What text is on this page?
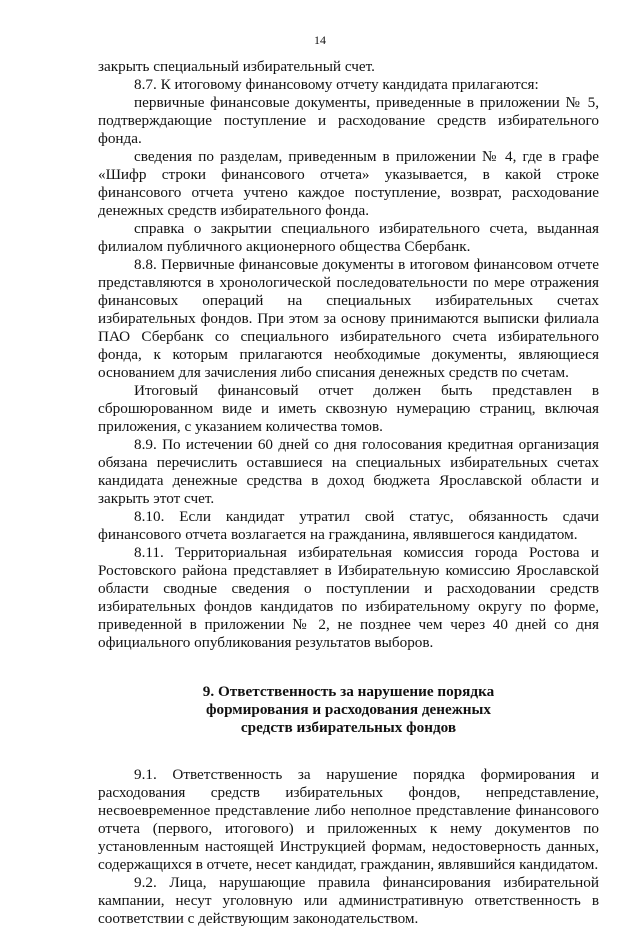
14

закрыть специальный избирательный счет.

8.7. К итоговому финансовому отчету кандидата прилагаются:

первичные финансовые документы, приведенные в приложении № 5, подтверждающие поступление и расходование средств избирательного фонда.

сведения по разделам, приведенным в приложении № 4, где в графе «Шифр строки финансового отчета» указывается, в какой строке финансового отчета учтено каждое поступление, возврат, расходование денежных средств избирательного фонда.

справка о закрытии специального избирательного счета, выданная филиалом публичного акционерного общества Сбербанк.

8.8. Первичные финансовые документы в итоговом финансовом отчете представляются в хронологической последовательности по мере отражения финансовых операций на специальных избирательных счетах избирательных фондов. При этом за основу принимаются выписки филиала ПАО Сбербанк со специального избирательного счета избирательного фонда, к которым прилагаются необходимые документы, являющиеся основанием для зачисления либо списания денежных средств по счетам.

Итоговый финансовый отчет должен быть представлен в сброшюрованном виде и иметь сквозную нумерацию страниц, включая приложения, с указанием количества томов.

8.9. По истечении 60 дней со дня голосования кредитная организация обязана перечислить оставшиеся на специальных избирательных счетах кандидата денежные средства в доход бюджета Ярославской области и закрыть этот счет.

8.10. Если кандидат утратил свой статус, обязанность сдачи финансового отчета возлагается на гражданина, являвшегося кандидатом.

8.11. Территориальная избирательная комиссия города Ростова и Ростовского района представляет в Избирательную комиссию Ярославской области сводные сведения о поступлении и расходовании средств избирательных фондов кандидатов по избирательному округу по форме, приведенной в приложении № 2, не позднее чем через 40 дней со дня официального опубликования результатов выборов.

9. Ответственность за нарушение порядка
формирования и расходования денежных
средств избирательных фондов

9.1. Ответственность за нарушение порядка формирования и расходования средств избирательных фондов, непредставление, несвоевременное представление либо неполное представление финансового отчета (первого, итогового) и приложенных к нему документов по установленным настоящей Инструкцией формам, недостоверность данных, содержащихся в отчете, несет кандидат, гражданин, являвшийся кандидатом.

9.2. Лица, нарушающие правила финансирования избирательной кампании, несут уголовную или административную ответственность в соответствии с действующим законодательством.
